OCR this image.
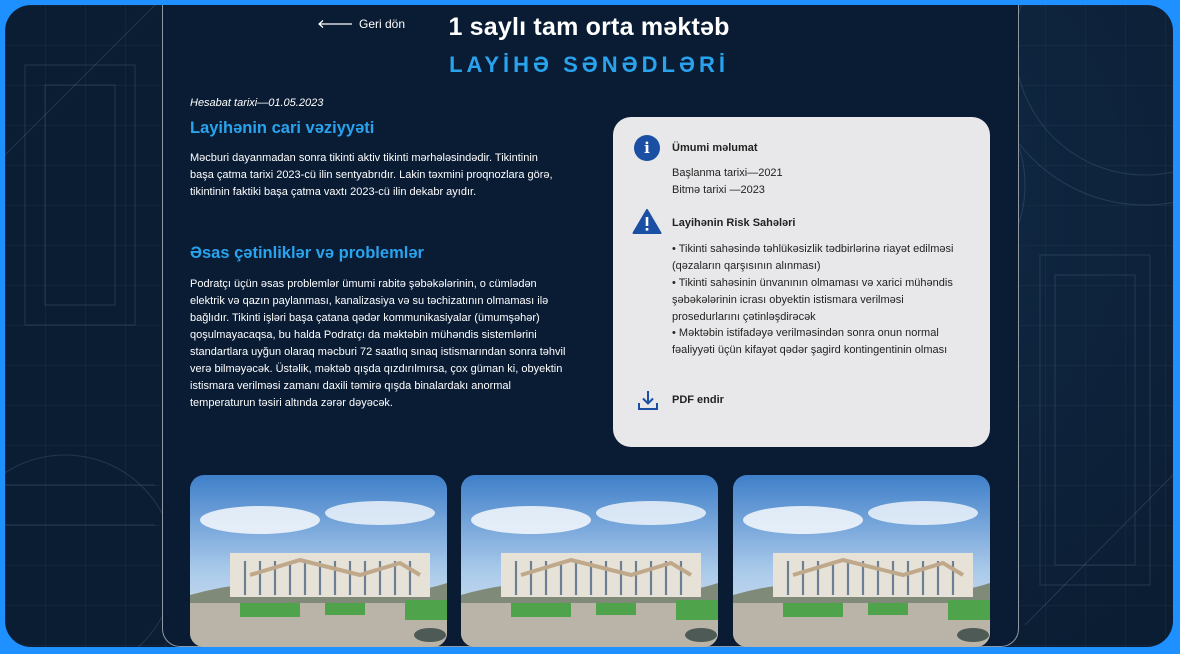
Geri dön	1 saylı tam orta məktəb
LAYİHƏ SƏNƏDLƏRİ
Hesabat tarixi—01.05.2023
Layihənin cari vəziyyəti
Məcburi dayanmadan sonra tikinti aktiv tikinti mərhələsindədir. Tikintinin başa çatma tarixi 2023-cü ilin sentyabrıdır. Lakin təxmini proqnozlara görə, tikintinin faktiki başa çatma vaxtı 2023-cü ilin dekabr ayıdır.
Əsas çətinliklər və problemlər
Podratçı üçün əsas problemlər ümumi rabitə şəbəkələrinin, o cümlədən elektrik və qazın paylanması, kanalizasiya və su təchizatının olmaması ilə bağlıdır. Tikinti işləri başa çatana qədər kommunikasiyalar (ümumşəhər) qoşulmayacaqsa, bu halda Podratçı da məktəbin mühəndis sistemlərini standartlara uyğun olaraq məcburi 72 saatlıq sınaq istismarından sonra təhvil verə bilməyəcək. Üstəlik, məktəb qışda qızdırılmırsa, çox güman ki, obyektin istismara verilməsi zamanı daxili təmirə qışda binalardakı anormal temperaturun təsiri altında zərər dəyəcək.
i	Ümumi məlumat
Başlanma tarixi—2021
Bitmə tarixi —2023
Layihənin Risk Sahələri
• Tikinti sahəsində təhlükəsizlik tədbirlərinə riayət edilməsi (qəzaların qarşısının alınması)
• Tikinti sahəsinin ünvanının olmaması və xarici mühəndis şəbəkələrinin icrası obyektin istismara verilməsi prosedurlarını çətinləşdirəcək
• Məktəbin istifadəyə verilməsindən sonra onun normal fəaliyyəti üçün kifayət qədər şagird kontingentinin olması
PDF endir
